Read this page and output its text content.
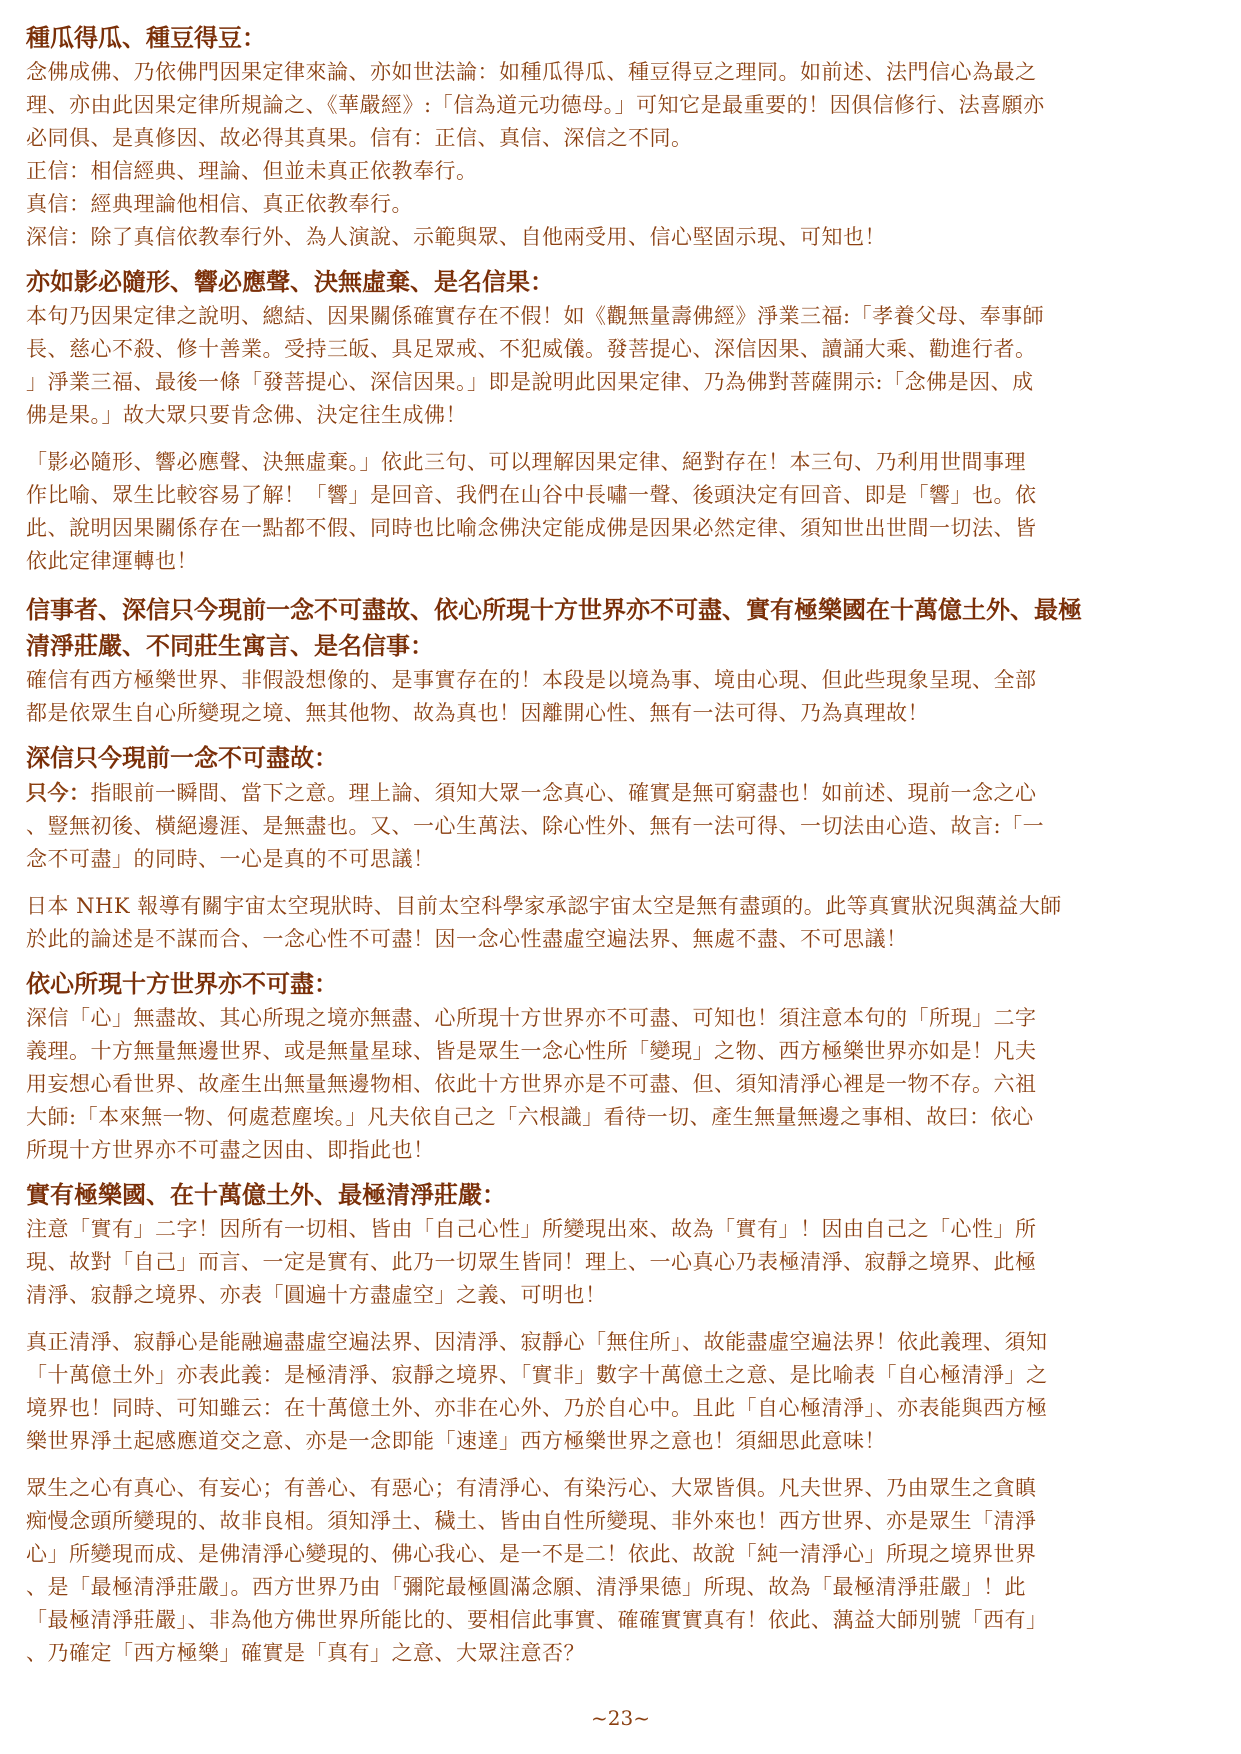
種瓜得瓜、種豆得豆：

念佛成佛、乃依佛門因果定律來論、亦如世法論：如種瓜得瓜、種豆得豆之理同。如前述、法門信心為最之
理、亦由此因果定律所規論之、《華嚴經》:「信為道元功德母。」可知它是最重要的！因俱信修行、法喜願亦
必同俱、是真修因、故必得其真果。信有：正信、真信、深信之不同。
正信：相信經典、理論、但並未真正依教奉行。
真信：經典理論他相信、真正依教奉行。
深信：除了真信依教奉行外、為人演說、示範與眾、自他兩受用、信心堅固示現、可知也！

亦如影必隨形、響必應聲、決無虛棄、是名信果：

本句乃因果定律之說明、總結、因果關係確實存在不假！如《觀無量壽佛經》淨業三福:「孝養父母、奉事師
長、慈心不殺、修十善業。受持三皈、具足眾戒、不犯威儀。發菩提心、深信因果、讀誦大乘、勸進行者。
」淨業三福、最後一條「發菩提心、深信因果。」即是說明此因果定律、乃為佛對菩薩開示:「念佛是因、成
佛是果。」故大眾只要肯念佛、決定往生成佛！

「影必隨形、響必應聲、決無虛棄。」依此三句、可以理解因果定律、絕對存在！本三句、乃利用世間事理
作比喻、眾生比較容易了解！「響」是回音、我們在山谷中長嘯一聲、後頭決定有回音、即是「響」也。依
此、說明因果關係存在一點都不假、同時也比喻念佛決定能成佛是因果必然定律、須知世出世間一切法、皆
依此定律運轉也！

信事者、深信只今現前一念不可盡故、依心所現十方世界亦不可盡、實有極樂國在十萬億土外、最極
清淨莊嚴、不同莊生寓言、是名信事：

確信有西方極樂世界、非假設想像的、是事實存在的！本段是以境為事、境由心現、但此些現象呈現、全部
都是依眾生自心所變現之境、無其他物、故為真也！因離開心性、無有一法可得、乃為真理故！

深信只今現前一念不可盡故：

只今：指眼前一瞬間、當下之意。理上論、須知大眾一念真心、確實是無可窮盡也！如前述、現前一念之心
、豎無初後、橫絕邊涯、是無盡也。又、一心生萬法、除心性外、無有一法可得、一切法由心造、故言:「一
念不可盡」的同時、一心是真的不可思議！

日本 NHK 報導有關宇宙太空現狀時、目前太空科學家承認宇宙太空是無有盡頭的。此等真實狀況與蕅益大師
於此的論述是不謀而合、一念心性不可盡！因一念心性盡虛空遍法界、無處不盡、不可思議！

依心所現十方世界亦不可盡：

深信「心」無盡故、其心所現之境亦無盡、心所現十方世界亦不可盡、可知也！須注意本句的「所現」二字
義理。十方無量無邊世界、或是無量星球、皆是眾生一念心性所「變現」之物、西方極樂世界亦如是！凡夫
用妄想心看世界、故產生出無量無邊物相、依此十方世界亦是不可盡、但、須知清淨心裡是一物不存。六祖
大師:「本來無一物、何處惹塵埃。」凡夫依自己之「六根識」看待一切、產生無量無邊之事相、故曰：依心
所現十方世界亦不可盡之因由、即指此也！

實有極樂國、在十萬億土外、最極清淨莊嚴：

注意「實有」二字！因所有一切相、皆由「自己心性」所變現出來、故為「實有」！因由自己之「心性」所
現、故對「自己」而言、一定是實有、此乃一切眾生皆同！理上、一心真心乃表極清淨、寂靜之境界、此極
清淨、寂靜之境界、亦表「圓遍十方盡虛空」之義、可明也！

真正清淨、寂靜心是能融遍盡虛空遍法界、因清淨、寂靜心「無住所」、故能盡虛空遍法界！依此義理、須知
「十萬億土外」亦表此義：是極清淨、寂靜之境界、「實非」數字十萬億土之意、是比喻表「自心極清淨」之
境界也！同時、可知雖云：在十萬億土外、亦非在心外、乃於自心中。且此「自心極清淨」、亦表能與西方極
樂世界淨土起感應道交之意、亦是一念即能「速達」西方極樂世界之意也！須細思此意味！

眾生之心有真心、有妄心；有善心、有惡心；有清淨心、有染污心、大眾皆俱。凡夫世界、乃由眾生之貪瞋
痴慢念頭所變現的、故非良相。須知淨土、穢土、皆由自性所變現、非外來也！西方世界、亦是眾生「清淨
心」所變現而成、是佛清淨心變現的、佛心我心、是一不是二！依此、故說「純一清淨心」所現之境界世界
、是「最極清淨莊嚴」。西方世界乃由「彌陀最極圓滿念願、清淨果德」所現、故為「最極清淨莊嚴」！此
「最極清淨莊嚴」、非為他方佛世界所能比的、要相信此事實、確確實實真有！依此、蕅益大師別號「西有」
、乃確定「西方極樂」確實是「真有」之意、大眾注意否？

~23~
